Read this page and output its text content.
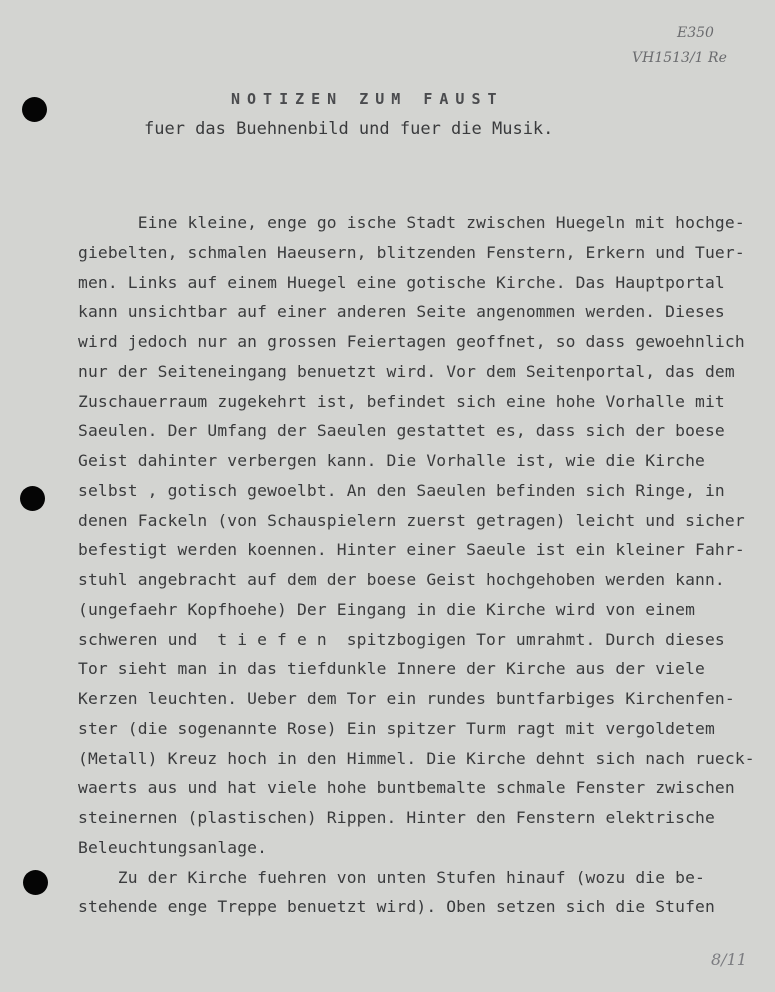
E350
VH1513/1 Re
NOTIZEN ZUM FAUST
fuer das Buehnenbild und fuer die Musik.
Eine kleine, enge go ische Stadt zwischen Huegeln mit hochge-
giebelten, schmalen Haeusern, blitzenden Fenstern, Erkern und Tuer-
men. Links auf einem Huegel eine gotische Kirche. Das Hauptportal
kann unsichtbar auf einer anderen Seite angenommen werden. Dieses
wird jedoch nur an grossen Feiertagen geoffnet, so dass gewoehnlich
nur der Seiteneingang benuetzt wird. Vor dem Seitenportal, das dem
Zuschauerraum zugekehrt ist, befindet sich eine hohe Vorhalle mit
Saeulen. Der Umfang der Saeulen gestattet es, dass sich der boese
Geist dahinter verbergen kann. Die Vorhalle ist, wie die Kirche
selbst , gotisch gewoelbt. An den Saeulen befinden sich Ringe, in
denen Fackeln (von Schauspielern zuerst getragen) leicht und sicher
befestigt werden koennen. Hinter einer Saeule ist ein kleiner Fahr-
stuhl angebracht auf dem der boese Geist hochgehoben werden kann.
(ungefaehr Kopfhoehe) Der Eingang in die Kirche wird von einem
schweren und  t i e f e n  spitzbogigen Tor umrahmt. Durch dieses
Tor sieht man in das tiefdunkle Innere der Kirche aus der viele
Kerzen leuchten. Ueber dem Tor ein rundes buntfarbiges Kirchenfen-
ster (die sogenannte Rose) Ein spitzer Turm ragt mit vergoldetem
(Metall) Kreuz hoch in den Himmel. Die Kirche dehnt sich nach rueck-
waerts aus und hat viele hohe buntbemalte schmale Fenster zwischen
steinernen (plastischen) Rippen. Hinter den Fenstern elektrische
Beleuchtungsanlage.
Zu der Kirche fuehren von unten Stufen hinauf (wozu die be-
stehende enge Treppe benuetzt wird). Oben setzen sich die Stufen
8/11
